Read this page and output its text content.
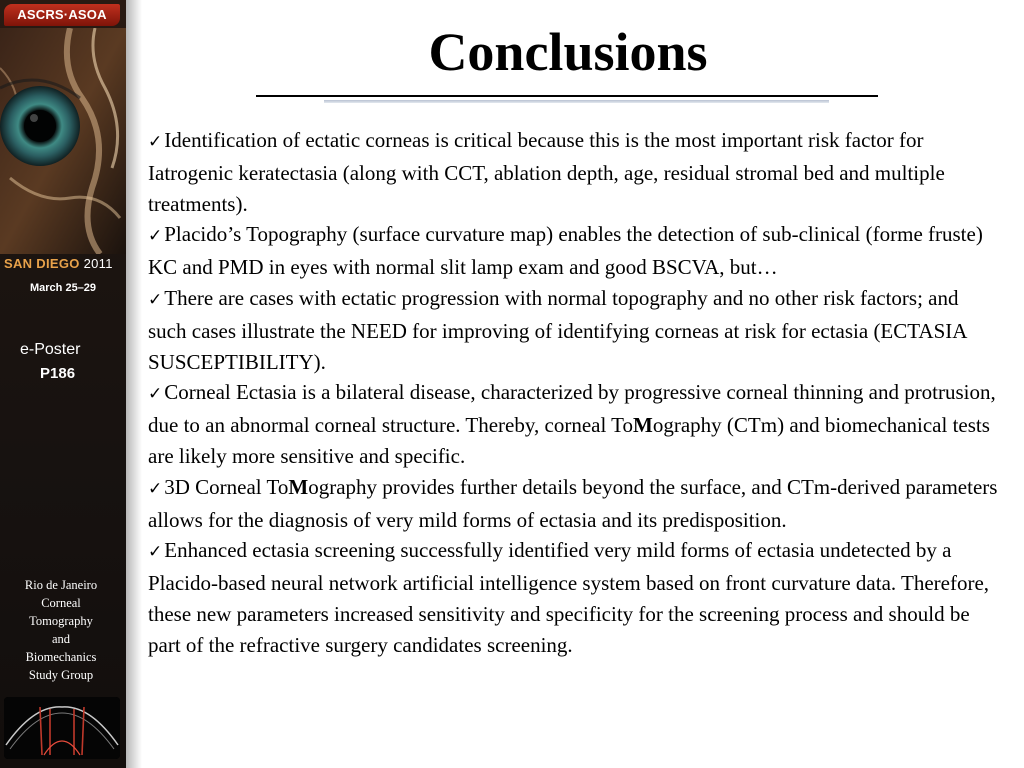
ASCRS·ASOA
SAN DIEGO 2011
March 25–29
e-Poster
P186
Rio de Janeiro
Corneal
Tomography
and
Biomechanics
Study Group
Conclusions
✓Identification of ectatic corneas is critical because this is the most important risk factor for Iatrogenic keratectasia (along with CCT, ablation depth, age, residual stromal bed and multiple treatments).
✓Placido’s Topography (surface curvature map) enables the detection of sub-clinical (forme fruste) KC and PMD in eyes with normal slit lamp exam and good BSCVA, but…
✓There are cases with ectatic progression with normal topography and no other risk factors; and such cases illustrate the NEED for improving of identifying corneas at risk for ectasia (ECTASIA SUSCEPTIBILITY).
✓Corneal Ectasia is a bilateral disease, characterized by progressive corneal thinning and protrusion, due to an abnormal corneal structure. Thereby, corneal ToMography (CTm) and biomechanical tests are likely more sensitive and specific.
✓3D Corneal ToMography provides further details beyond the surface, and CTm-derived parameters allows for the diagnosis of very mild forms of ectasia and its predisposition.
✓Enhanced ectasia screening successfully identified very mild forms of ectasia undetected by a Placido-based neural network artificial intelligence system based on front curvature data. Therefore, these new parameters increased sensitivity and specificity for the screening process and should be part of the refractive surgery candidates screening.
